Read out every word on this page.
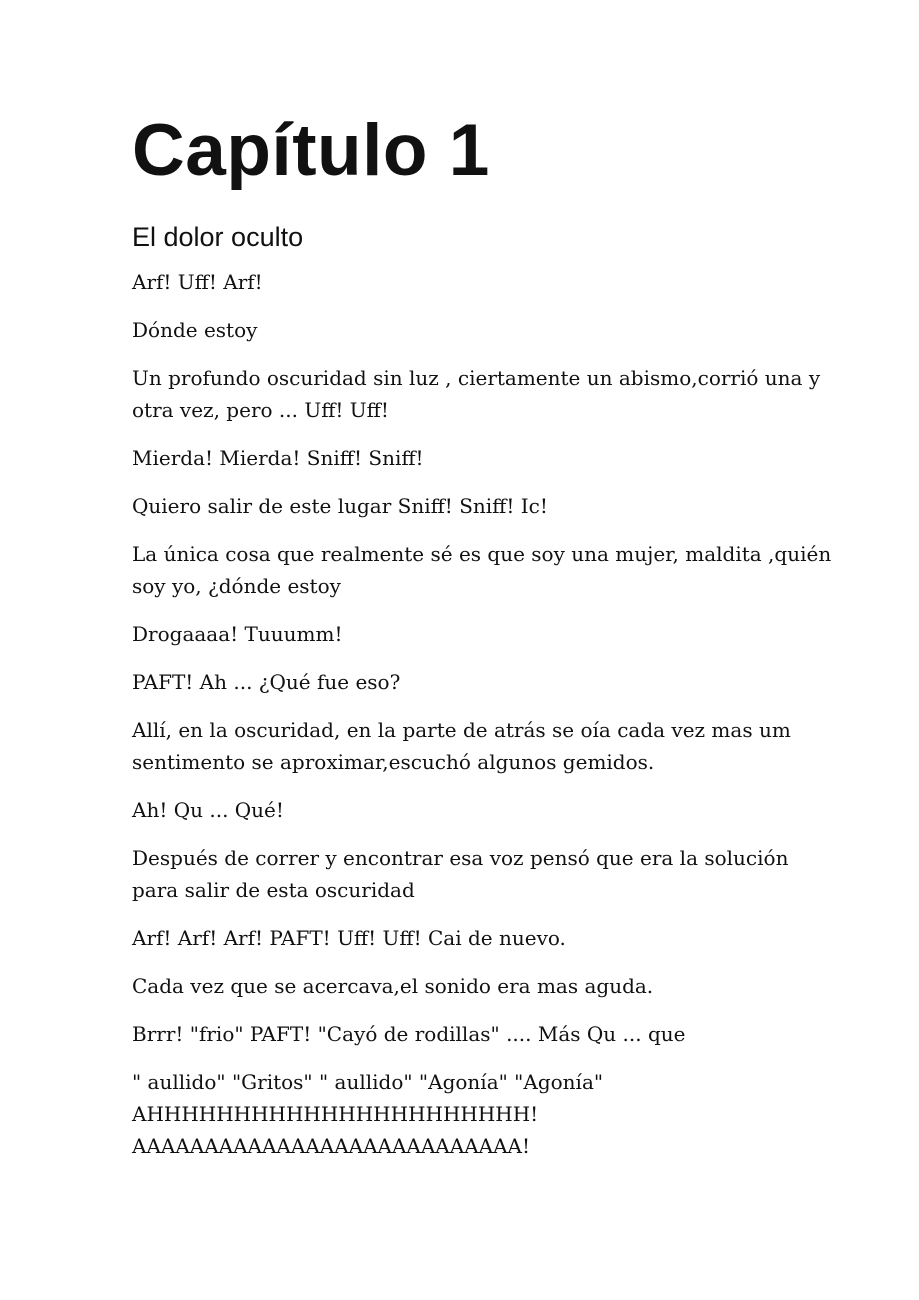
Capítulo 1
El dolor oculto

Arf! Uff! Arf!

Dónde estoy

Un profundo oscuridad sin luz , ciertamente un abismo,corrió una y otra vez, pero ... Uff! Uff!

Mierda! Mierda! Sniff! Sniff!

Quiero salir de este lugar Sniff! Sniff! Ic!

La única cosa que realmente sé es que soy una mujer, maldita ,quién soy yo, ¿dónde estoy

Drogaaaa! Tuuumm!

PAFT! Ah ... ¿Qué fue eso?

Allí, en la oscuridad, en la parte de atrás se oía cada vez mas um sentimento se aproximar,escuchó algunos gemidos.

Ah! Qu ... Qué!

Después de correr y encontrar esa voz pensó que era la solución para salir de esta oscuridad

Arf! Arf! Arf! PAFT! Uff! Uff! Cai de nuevo.

Cada vez que se acercava,el sonido era mas aguda.

Brrr! "frio" PAFT! "Cayó de rodillas" .... Más Qu ... que

" aullido" "Gritos" " aullido" "Agonía" "Agonía" AHHHHHHHHHHHHHHHHHHHHHH! AAAAAAAAAAAAAAAAAAAAAAAAAAA!
